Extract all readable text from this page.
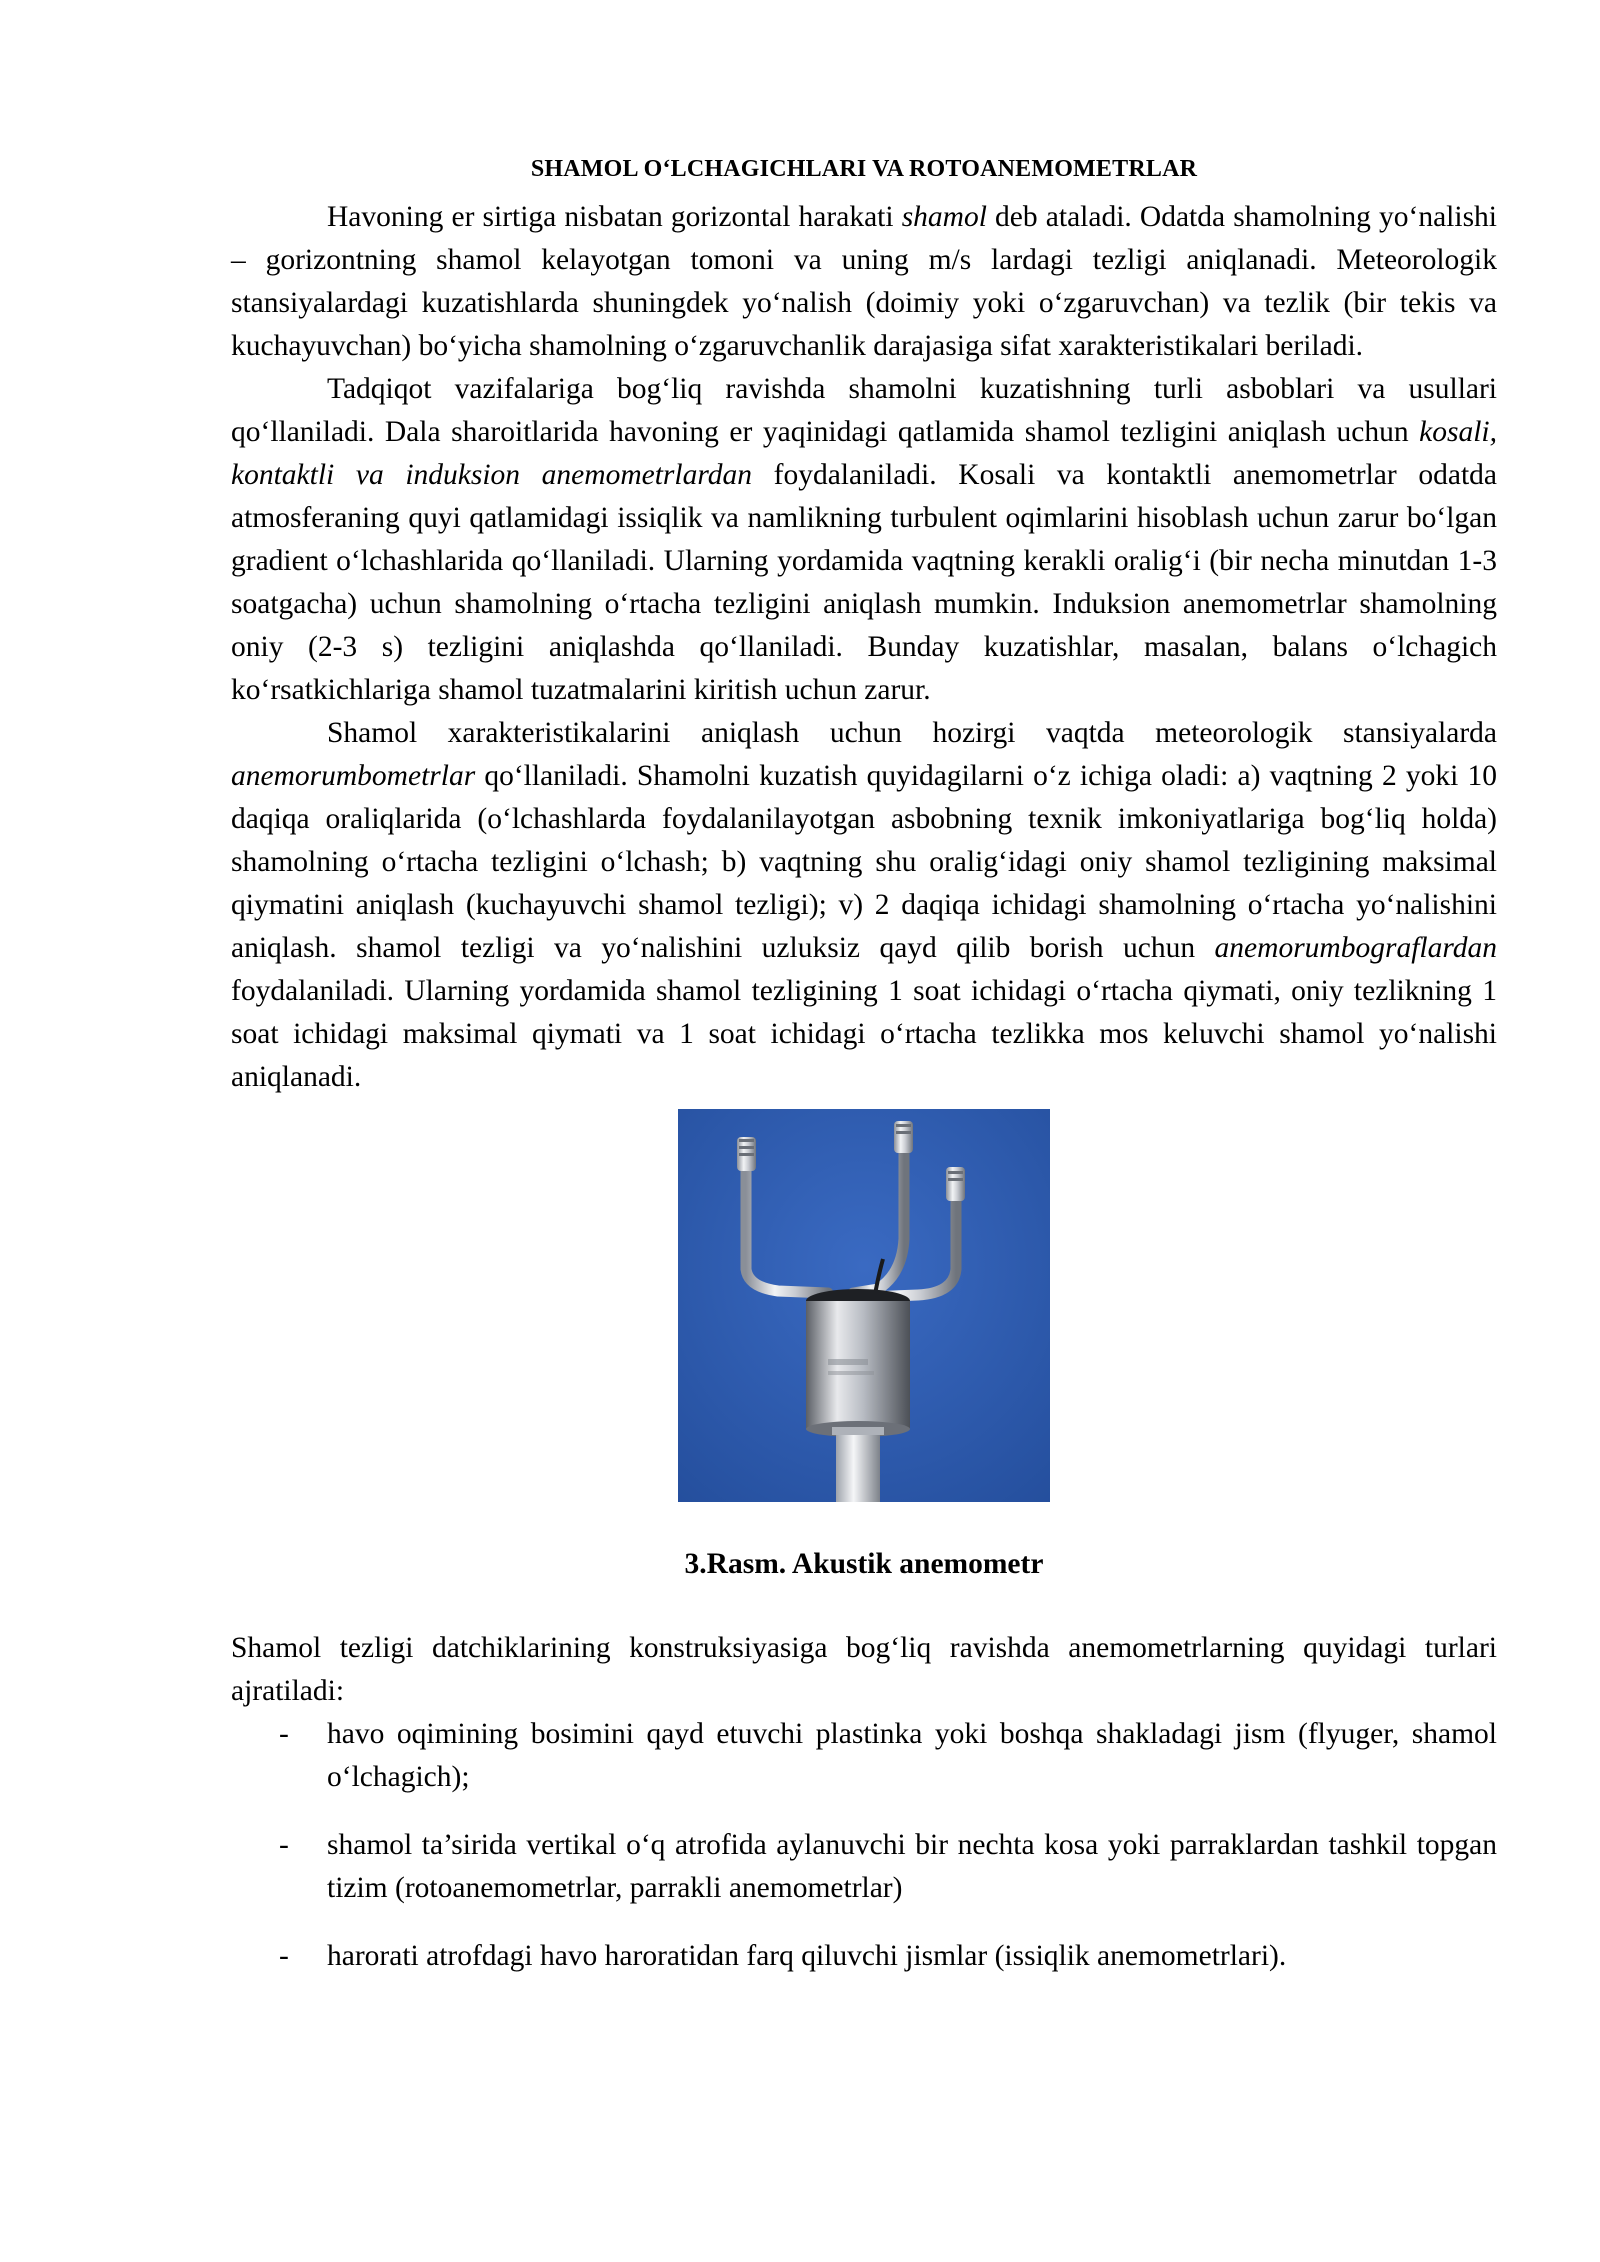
SHAMOL O‘LCHAGICHLARI VA ROTOANEMOMETRLAR

Havoning er sirtiga nisbatan gorizontal harakati shamol deb ataladi. Odatda shamolning yo‘nalishi – gorizontning shamol kelayotgan tomoni va uning m/s lardagi tezligi aniqlanadi. Meteorologik stansiyalardagi kuzatishlarda shuningdek yo‘nalish (doimiy yoki o‘zgaruvchan) va tezlik (bir tekis va kuchayuvchan) bo‘yicha shamolning o‘zgaruvchanlik darajasiga sifat xarakteristikalari beriladi.

Tadqiqot vazifalariga bog‘liq ravishda shamolni kuzatishning turli asboblari va usullari qo‘llaniladi. Dala sharoitlarida havoning er yaqinidagi qatlamida shamol tezligini aniqlash uchun kosali, kontaktli va induksion anemometrlardan foydalaniladi. Kosali va kontaktli anemometrlar odatda atmosferaning quyi qatlamidagi issiqlik va namlikning turbulent oqimlarini hisoblash uchun zarur bo‘lgan gradient o‘lchashlarida qo‘llaniladi. Ularning yordamida vaqtning kerakli oralig‘i (bir necha minutdan 1-3 soatgacha) uchun shamolning o‘rtacha tezligini aniqlash mumkin. Induksion anemometrlar shamolning oniy (2-3 s) tezligini aniqlashda qo‘llaniladi. Bunday kuzatishlar, masalan, balans o‘lchagich ko‘rsatkichlariga shamol tuzatmalarini kiritish uchun zarur.

Shamol xarakteristikalarini aniqlash uchun hozirgi vaqtda meteorologik stansiyalarda anemorumbometrlar qo‘llaniladi. Shamolni kuzatish quyidagilarni o‘z ichiga oladi: a) vaqtning 2 yoki 10 daqiqa oraliqlarida (o‘lchashlarda foydalanilayotgan asbobning texnik imkoniyatlariga bog‘liq holda) shamolning o‘rtacha tezligini o‘lchash; b) vaqtning shu oralig‘idagi oniy shamol tezligining maksimal qiymatini aniqlash (kuchayuvchi shamol tezligi); v) 2 daqiqa ichidagi shamolning o‘rtacha yo‘nalishini aniqlash. shamol tezligi va yo‘nalishini uzluksiz qayd qilib borish uchun anemorumbograflardan foydalaniladi. Ularning yordamida shamol tezligining 1 soat ichidagi o‘rtacha qiymati, oniy tezlikning 1 soat ichidagi maksimal qiymati va 1 soat ichidagi o‘rtacha tezlikka mos keluvchi shamol yo‘nalishi aniqlanadi.

3.Rasm. Akustik anemometr

Shamol tezligi datchiklarining konstruksiyasiga bog‘liq ravishda anemometrlarning quyidagi turlari ajratiladi:

- havo oqimining bosimini qayd etuvchi plastinka yoki boshqa shakladagi jism (flyuger, shamol o‘lchagich);
- shamol ta’sirida vertikal o‘q atrofida aylanuvchi bir nechta kosa yoki parraklardan tashkil topgan tizim (rotoanemometrlar, parrakli anemometrlar)
- harorati atrofdagi havo haroratidan farq qiluvchi jismlar (issiqlik anemometrlari).
